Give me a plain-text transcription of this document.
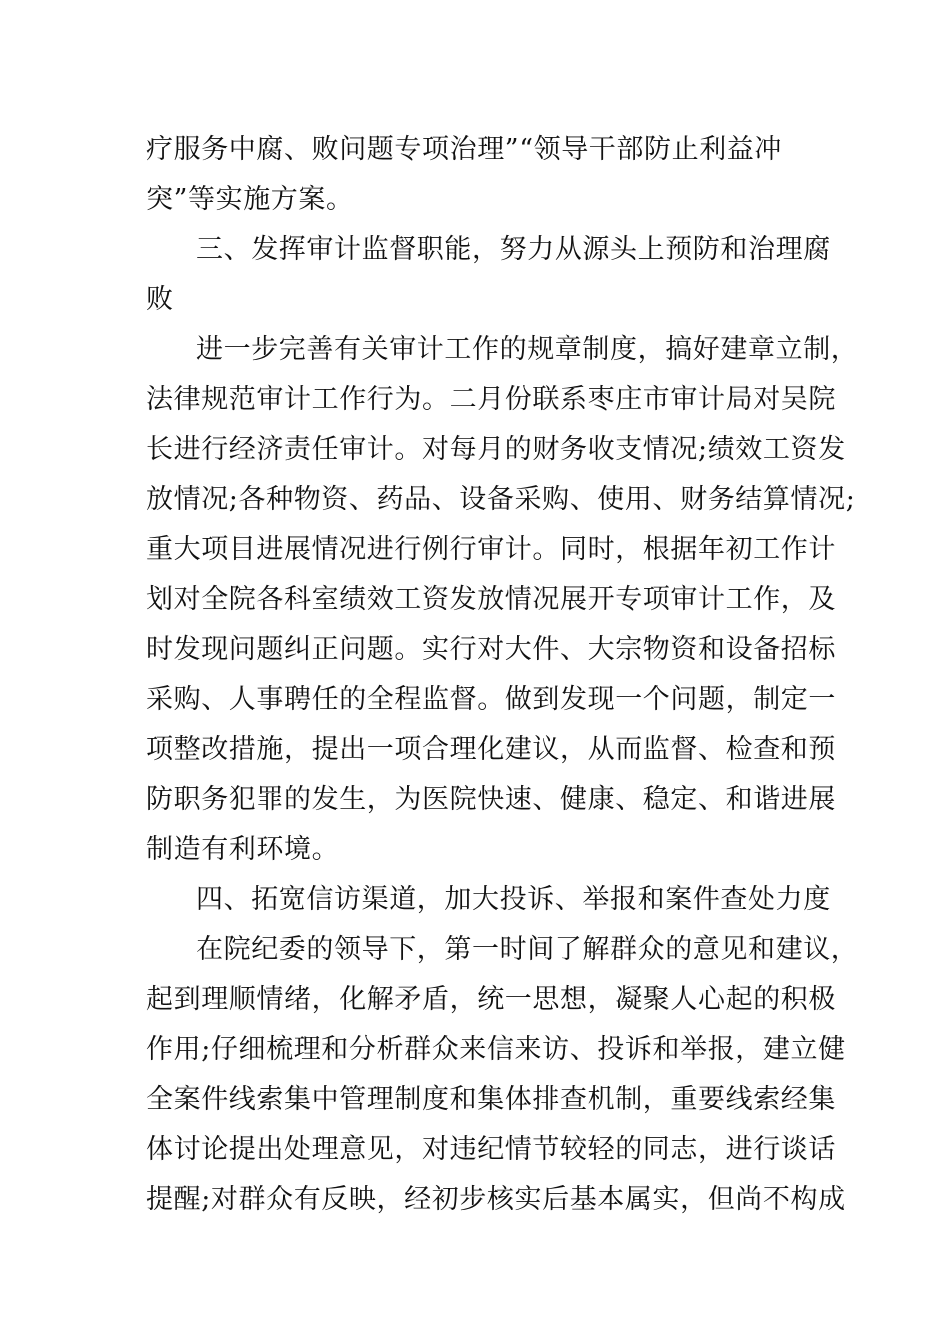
疗服务中腐、败问题专项治理”“领导干部防止利益冲
突”等实施方案。
三、发挥审计监督职能，努力从源头上预防和治理腐
败
进一步完善有关审计工作的规章制度，搞好建章立制，
法律规范审计工作行为。二月份联系枣庄市审计局对吴院
长进行经济责任审计。对每月的财务收支情况;绩效工资发
放情况;各种物资、药品、设备采购、使用、财务结算情况;
重大项目进展情况进行例行审计。同时，根据年初工作计
划对全院各科室绩效工资发放情况展开专项审计工作，及
时发现问题纠正问题。实行对大件、大宗物资和设备招标
采购、人事聘任的全程监督。做到发现一个问题，制定一
项整改措施，提出一项合理化建议，从而监督、检查和预
防职务犯罪的发生，为医院快速、健康、稳定、和谐进展
制造有利环境。
四、拓宽信访渠道，加大投诉、举报和案件查处力度
在院纪委的领导下，第一时间了解群众的意见和建议，
起到理顺情绪，化解矛盾，统一思想，凝聚人心起的积极
作用;仔细梳理和分析群众来信来访、投诉和举报，建立健
全案件线索集中管理制度和集体排查机制，重要线索经集
体讨论提出处理意见，对违纪情节较轻的同志，进行谈话
提醒;对群众有反映，经初步核实后基本属实，但尚不构成
